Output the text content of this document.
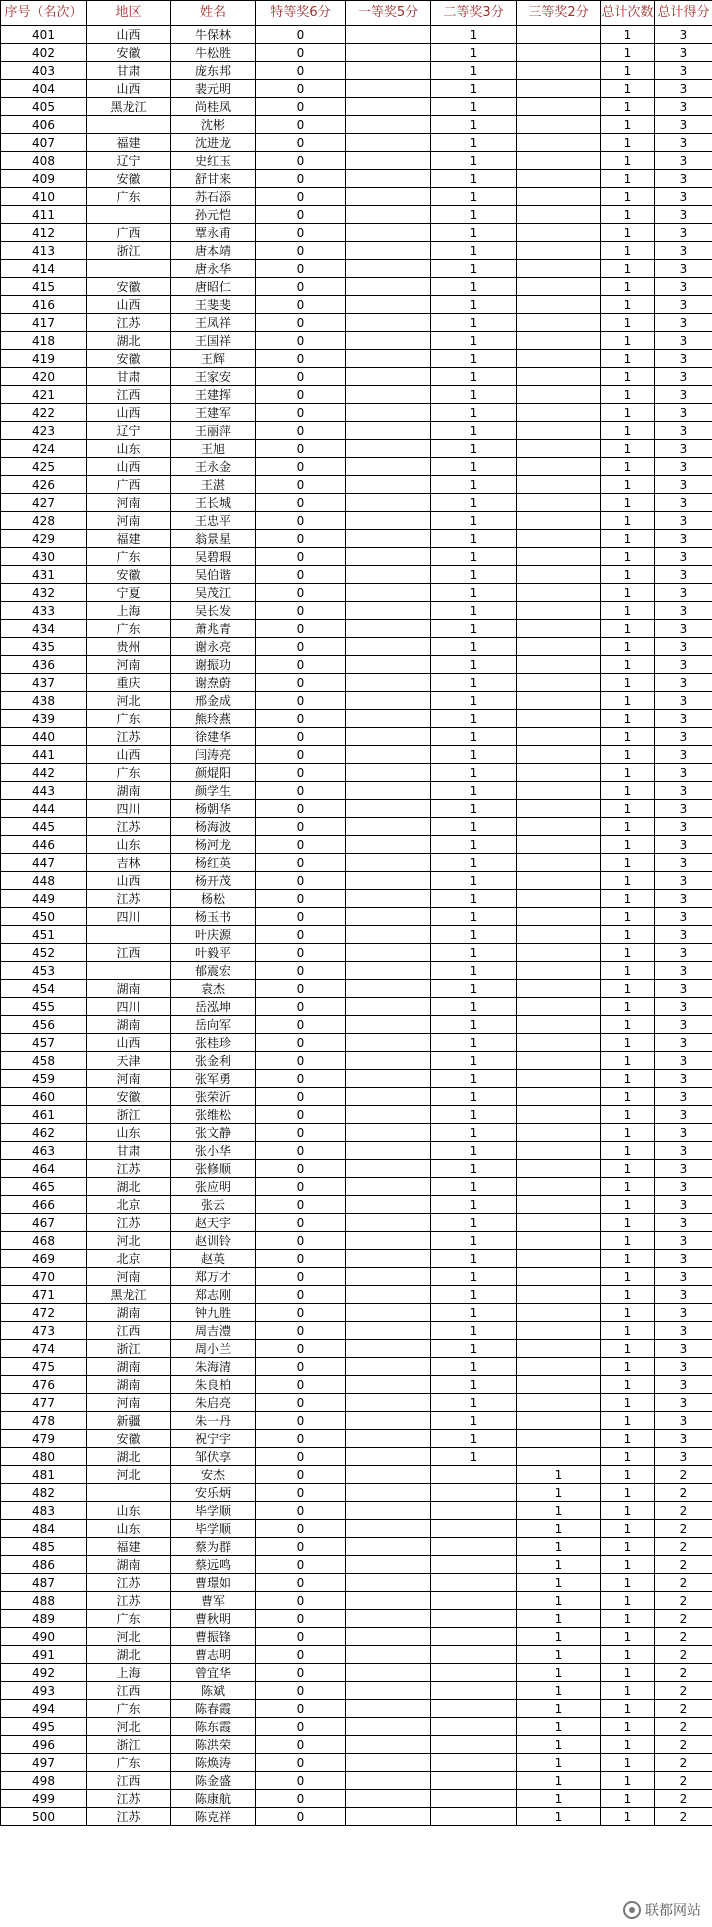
序号（名次）	地区	姓名	特等奖6分	一等奖5分	二等奖3分	三等奖2分	总计次数	总计得分
401	山西	牛保林	0		1		1	3
402	安徽	牛松胜	0		1		1	3
403	甘肃	庞东邦	0		1		1	3
404	山西	裴元明	0		1		1	3
405	黑龙江	尚桂凤	0		1		1	3
406		沈彬	0		1		1	3
407	福建	沈进龙	0		1		1	3
408	辽宁	史红玉	0		1		1	3
409	安徽	舒甘来	0		1		1	3
410	广东	苏石添	0		1		1	3
411		孙元恺	0		1		1	3
412	广西	覃永甫	0		1		1	3
413	浙江	唐本靖	0		1		1	3
414		唐永华	0		1		1	3
415	安徽	唐昭仁	0		1		1	3
416	山西	王斐斐	0		1		1	3
417	江苏	王凤祥	0		1		1	3
418	湖北	王国祥	0		1		1	3
419	安徽	王辉	0		1		1	3
420	甘肃	王家安	0		1		1	3
421	江西	王建挥	0		1		1	3
422	山西	王建军	0		1		1	3
423	辽宁	王丽萍	0		1		1	3
424	山东	王旭	0		1		1	3
425	山西	王永金	0		1		1	3
426	广西	王湛	0		1		1	3
427	河南	王长城	0		1		1	3
428	河南	王忠平	0		1		1	3
429	福建	翁景星	0		1		1	3
430	广东	吴碧瑕	0		1		1	3
431	安徽	吴伯谐	0		1		1	3
432	宁夏	吴茂江	0		1		1	3
433	上海	吴长发	0		1		1	3
434	广东	萧兆青	0		1		1	3
435	贵州	谢永亮	0		1		1	3
436	河南	谢振功	0		1		1	3
437	重庆	谢焘蔚	0		1		1	3
438	河北	邢金成	0		1		1	3
439	广东	熊玲燕	0		1		1	3
440	江苏	徐建华	0		1		1	3
441	山西	闫涛亮	0		1		1	3
442	广东	颜焜阳	0		1		1	3
443	湖南	颜学生	0		1		1	3
444	四川	杨朝华	0		1		1	3
445	江苏	杨海波	0		1		1	3
446	山东	杨河龙	0		1		1	3
447	吉林	杨红英	0		1		1	3
448	山西	杨开茂	0		1		1	3
449	江苏	杨松	0		1		1	3
450	四川	杨玉书	0		1		1	3
451		叶庆源	0		1		1	3
452	江西	叶毅平	0		1		1	3
453		郁震宏	0		1		1	3
454	湖南	袁杰	0		1		1	3
455	四川	岳泓坤	0		1		1	3
456	湖南	岳向军	0		1		1	3
457	山西	张桂珍	0		1		1	3
458	天津	张金利	0		1		1	3
459	河南	张军勇	0		1		1	3
460	安徽	张荣沂	0		1		1	3
461	浙江	张维松	0		1		1	3
462	山东	张文静	0		1		1	3
463	甘肃	张小华	0		1		1	3
464	江苏	张修顺	0		1		1	3
465	湖北	张应明	0		1		1	3
466	北京	张云	0		1		1	3
467	江苏	赵天宇	0		1		1	3
468	河北	赵训铃	0		1		1	3
469	北京	赵英	0		1		1	3
470	河南	郑万才	0		1		1	3
471	黑龙江	郑志刚	0		1		1	3
472	湖南	钟九胜	0		1		1	3
473	江西	周吉澧	0		1		1	3
474	浙江	周小兰	0		1		1	3
475	湖南	朱海清	0		1		1	3
476	湖南	朱良柏	0		1		1	3
477	河南	朱启亮	0		1		1	3
478	新疆	朱一丹	0		1		1	3
479	安徽	祝宁宇	0		1		1	3
480	湖北	邹伏享	0		1		1	3
481	河北	安杰	0			1	1	2
482		安乐炳	0			1	1	2
483	山东	毕学顺	0			1	1	2
484	山东	毕学顺	0			1	1	2
485	福建	蔡为群	0			1	1	2
486	湖南	蔡远鸣	0			1	1	2
487	江苏	曹璟如	0			1	1	2
488	江苏	曹军	0			1	1	2
489	广东	曹秋明	0			1	1	2
490	河北	曹振锋	0			1	1	2
491	湖北	曹志明	0			1	1	2
492	上海	曾宜华	0			1	1	2
493	江西	陈斌	0			1	1	2
494	广东	陈春霞	0			1	1	2
495	河北	陈东霞	0			1	1	2
496	浙江	陈洪荣	0			1	1	2
497	广东	陈焕涛	0			1	1	2
498	江西	陈金盛	0			1	1	2
499	江苏	陈康航	0			1	1	2
500	江苏	陈克祥	0			1	1	2
联都网站
